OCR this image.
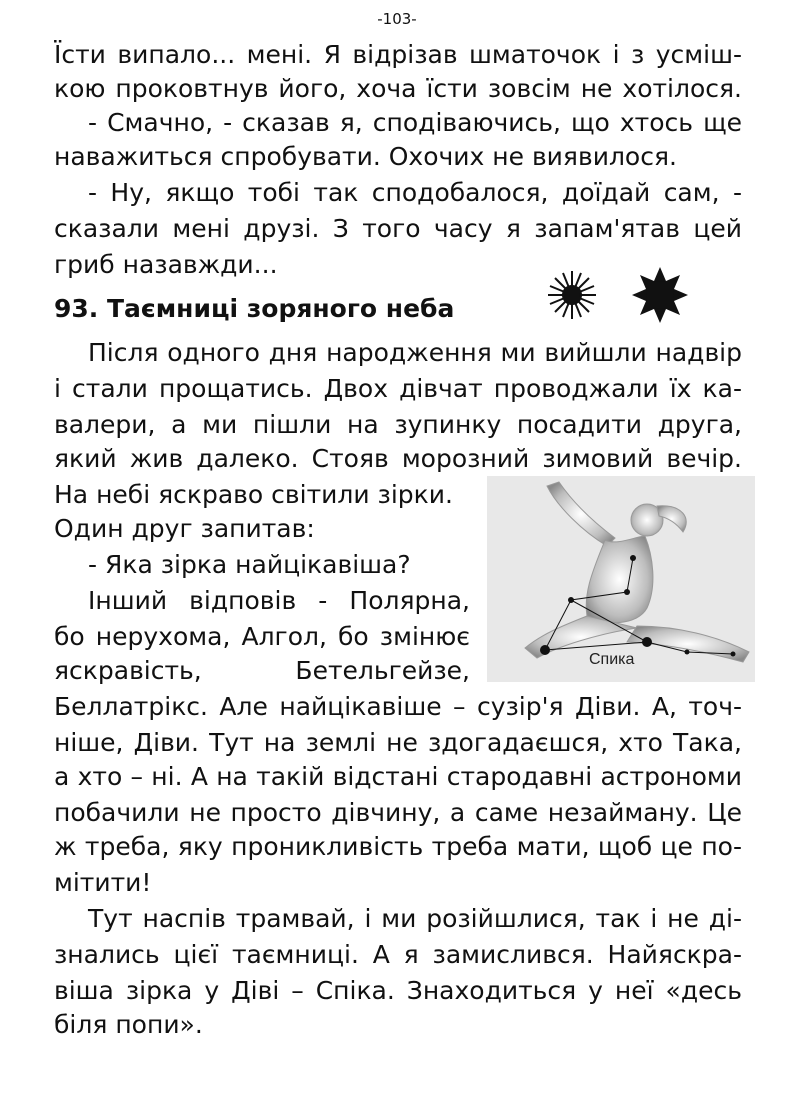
-103-
Їсти випало... мені. Я відрізав шматочок і з усміш-
кою проковтнув його, хоча їсти зовсім не хотілося.
- Смачно, - сказав я, сподіваючись, що хтось ще
наважиться спробувати. Охочих не виявилося.
- Ну, якщо тобі так сподобалося, доїдай сам, -
сказали мені друзі. З того часу я запам'ятав цей
гриб назавжди...
93. Таємниці зоряного неба
Після одного дня народження ми вийшли надвір
і стали прощатись. Двох дівчат проводжали їх ка-
валери, а ми пішли на зупинку посадити друга,
який жив далеко. Стояв морозний зимовий вечір.
На небі яскраво світили зірки.
Один друг запитав:
- Яка зірка найцікавіша?
Інший відповів - Полярна,
бо нерухома, Алгол, бо змінює
яскравість, Бетельгейзе,	Спика
Беллатрікс. Але найцікавіше – сузір'я Діви. А, точ-
ніше, Діви. Тут на землі не здогадаєшся, хто Така,
а хто – ні. А на такій відстані стародавні астрономи
побачили не просто дівчину, а саме незайману. Це
ж треба, яку проникливість треба мати, щоб це по-
мітити!
Тут наспів трамвай, і ми розійшлися, так і не ді-
знались цієї таємниці. А я замислився. Найяскра-
віша зірка у Діві – Спіка. Знаходиться у неї «десь
біля попи».
